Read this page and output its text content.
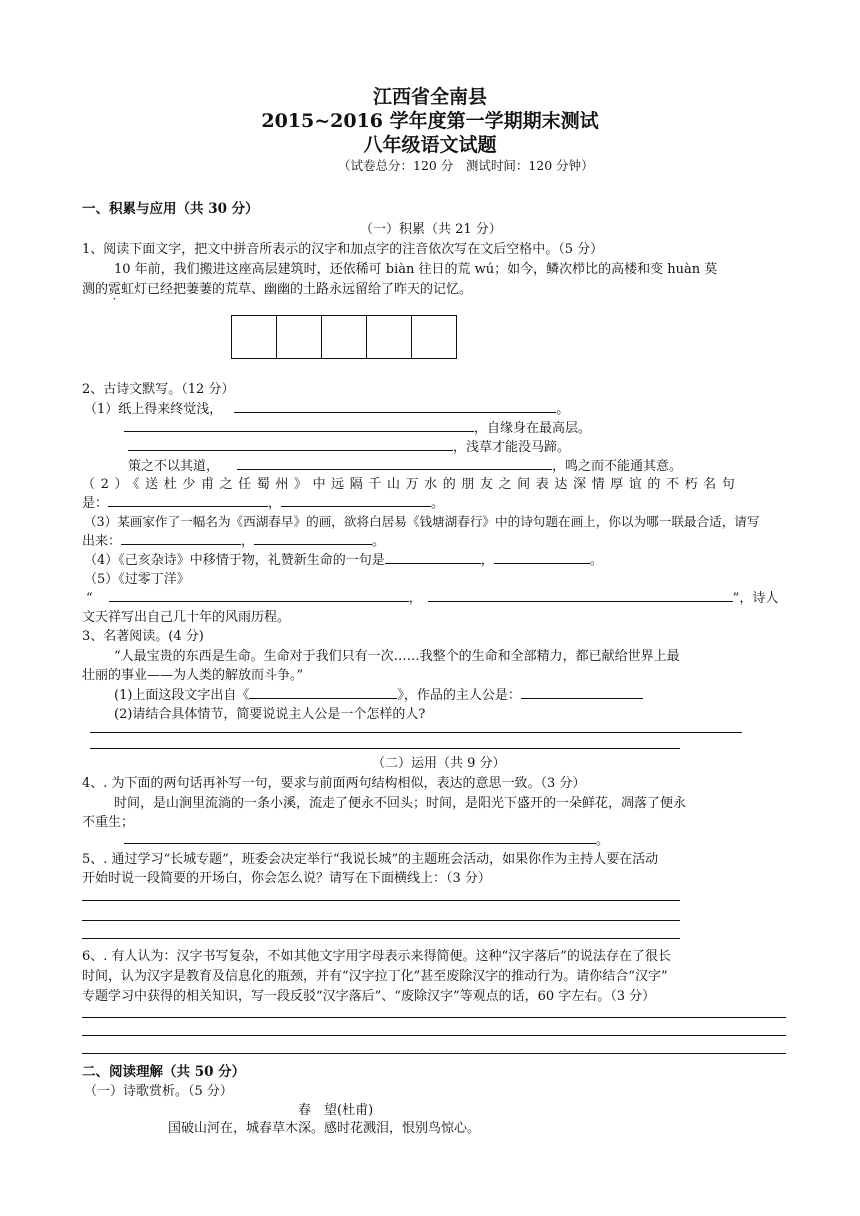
江西省全南县
2015~2016 学年度第一学期期末测试
八年级语文试题
（试卷总分：120 分　测试时间：120 分钟）
一、积累与应用（共 30 分）
（一）积累（共 21 分）
1、阅读下面文字，把文中拼音所表示的汉字和加点字的注音依次写在文后空格中。（5 分）
10 年前，我们搬进这座高层建筑时，还依稀可 biàn 往日的荒 wú；如今，鳞次栉比的高楼和变 huàn 莫
测的霓虹灯已经把萋萋的荒草、幽幽的土路永远留给了昨天的记忆。
2、古诗文默写。（12 分）
（1）纸上得来终觉浅，	。
，自缘身在最高层。
，浅草才能没马蹄。
策之不以其道，	，鸣之而不能通其意。
（2）《送杜少甫之任蜀州》中远隔千山万水的朋友之间表达深情厚谊的不朽名句
是：	，	。
（3）某画家作了一幅名为《西湖春早》的画，欲将白居易《钱塘湖春行》中的诗句题在画上，你以为哪一联最合适，请写
出来：	，	。
（4）《己亥杂诗》中移情于物，礼赞新生命的一句是	，	。
（5）《过零丁洋》
“	，	”，诗人
文天祥写出自己几十年的风雨历程。
3、名著阅读。(4 分)
“人最宝贵的东西是生命。生命对于我们只有一次……我整个的生命和全部精力，都已献给世界上最
壮丽的事业——为人类的解放而斗争。”
(1)上面这段文字出自《	》，作品的主人公是：
(2)请结合具体情节，简要说说主人公是一个怎样的人?
（二）运用（共 9 分）
4、. 为下面的两句话再补写一句，要求与前面两句结构相似，表达的意思一致。（3 分）
时间，是山涧里流淌的一条小溪，流走了便永不回头；时间，是阳光下盛开的一朵鲜花，凋落了便永
不重生；
。
5、. 通过学习“长城专题”，班委会决定举行“我说长城”的主题班会活动，如果你作为主持人要在活动
开始时说一段简要的开场白，你会怎么说？请写在下面横线上：（3 分）
6、. 有人认为：汉字书写复杂，不如其他文字用字母表示来得简便。这种“汉字落后”的说法存在了很长
时间，认为汉字是教育及信息化的瓶颈，并有“汉字拉丁化”甚至废除汉字的推动行为。请你结合“汉字”
专题学习中获得的相关知识，写一段反驳“汉字落后”、“废除汉字”等观点的话，60 字左右。（3 分）
二、阅读理解（共 50 分）
（一）诗歌赏析。（5 分）
春　望(杜甫)
国破山河在，城春草木深。感时花溅泪，恨别鸟惊心。
